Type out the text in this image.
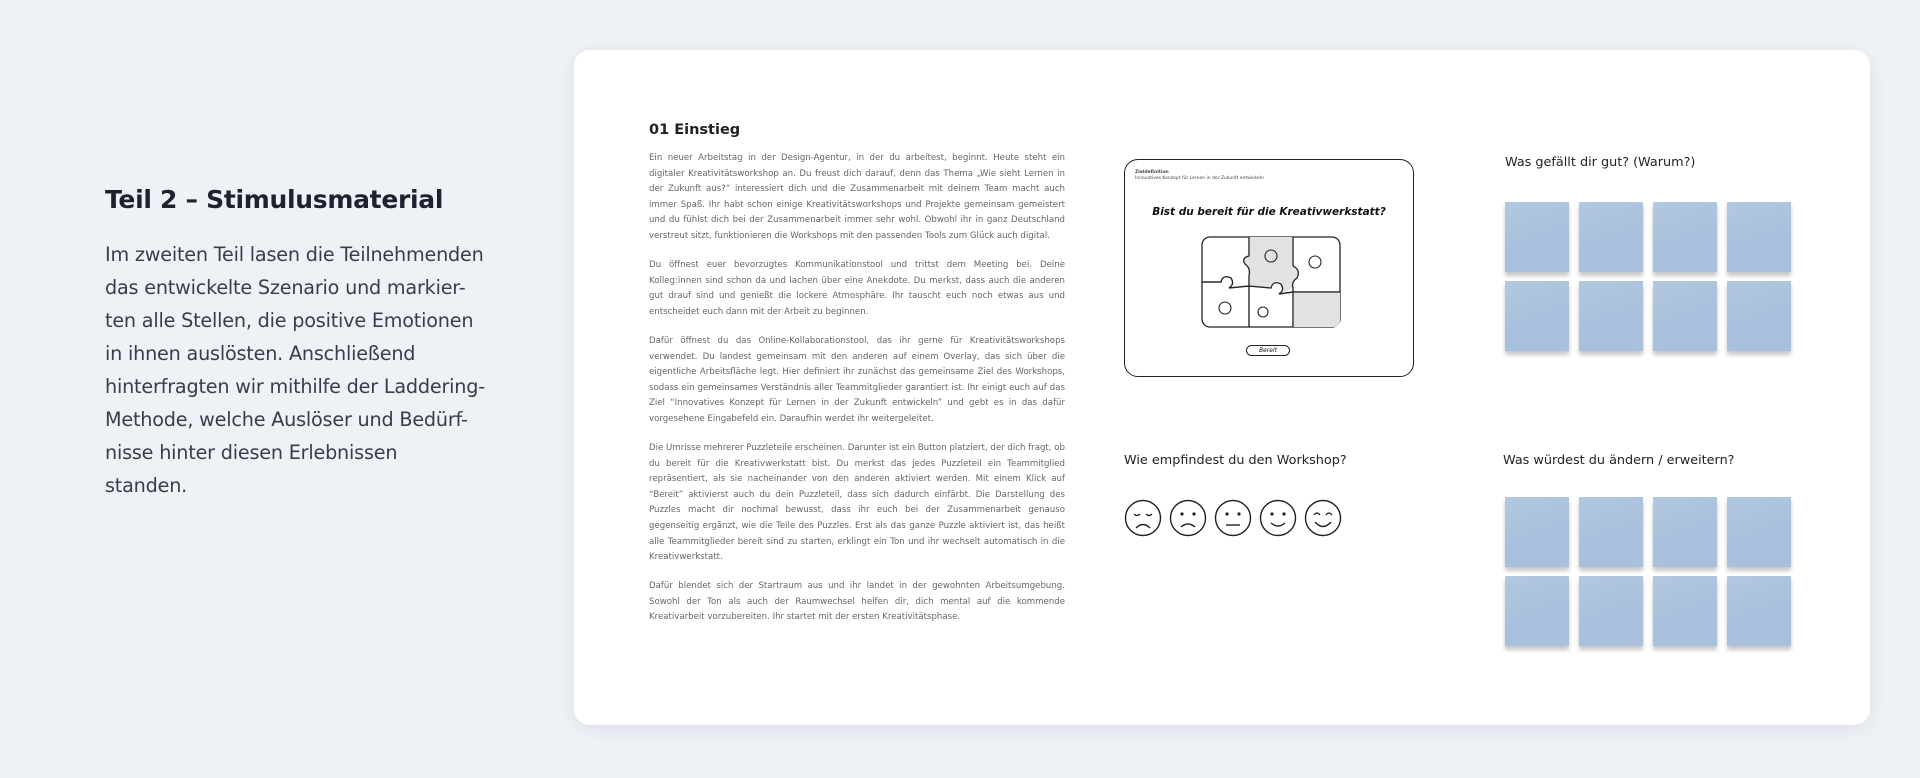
Teil 2 – Stimulusmaterial

Im zweiten Teil lasen die Teilnehmenden das entwickelte Szenario und markier-ten alle Stellen, die positive Emotionen in ihnen auslösten. Anschließend hinterfragten wir mithilfe der Laddering-Methode, welche Auslöser und Bedürf-nisse hinter diesen Erlebnissen standen.

01 Einstieg

Ein neuer Arbeitstag in der Design-Agentur, in der du arbeitest, beginnt. Heute steht ein digitaler Kreativitätsworkshop an. Du freust dich darauf, denn das Thema „Wie sieht Lernen in der Zukunft aus?“ interessiert dich und die Zusammenarbeit mit deinem Team macht auch immer Spaß. Ihr habt schon einige Kreativitätsworkshops und Projekte gemeinsam gemeistert und du fühlst dich bei der Zusammenarbeit immer sehr wohl. Obwohl ihr in ganz Deutschland verstreut sitzt, funktionieren die Workshops mit den passenden Tools zum Glück auch digital.

Du öffnest euer bevorzugtes Kommunikationstool und trittst dem Meeting bei. Deine Kolleg:innen sind schon da und lachen über eine Anekdote. Du merkst, dass auch die anderen gut drauf sind und genießt die lockere Atmosphäre. Ihr tauscht euch noch etwas aus und entscheidet euch dann mit der Arbeit zu beginnen.

Dafür öffnest du das Online-Kollaborationstool, das ihr gerne für Kreativitätsworkshops verwendet. Du landest gemeinsam mit den anderen auf einem Overlay, das sich über die eigentliche Arbeitsfläche legt. Hier definiert ihr zunächst das gemeinsame Ziel des Workshops, sodass ein gemeinsames Verständnis aller Teammitglieder garantiert ist. Ihr einigt euch auf das Ziel “Innovatives Konzept für Lernen in der Zukunft entwickeln” und gebt es in das dafür vorgesehene Eingabefeld ein. Daraufhin werdet ihr weitergeleitet.

Die Umrisse mehrerer Puzzleteile erscheinen. Darunter ist ein Button platziert, der dich fragt, ob du bereit für die Kreativwerkstatt bist. Du merkst das jedes Puzzleteil ein Teammitglied repräsentiert, als sie nacheinander von den anderen aktiviert werden. Mit einem Klick auf “Bereit” aktivierst auch du dein Puzzleteil, dass sich dadurch einfärbt. Die Darstellung des Puzzles macht dir nochmal bewusst, dass ihr euch bei der Zusammenarbeit genauso gegenseitig ergänzt, wie die Teile des Puzzles. Erst als das ganze Puzzle aktiviert ist, das heißt alle Teammitglieder bereit sind zu starten, erklingt ein Ton und ihr wechselt automatisch in die Kreativwerkstatt.

Dafür blendet sich der Startraum aus und ihr landet in der gewohnten Arbeitsumgebung. Sowohl der Ton als auch der Raumwechsel helfen dir, dich mental auf die kommende Kreativarbeit vorzubereiten. Ihr startet mit der ersten Kreativitätsphase.

Zieldefinition
Innovatives Konzept für Lernen in der Zukunft entwickeln
Bist du bereit für die Kreativwerkstatt?
Bereit
Was gefällt dir gut? (Warum?)
Wie empfindest du den Workshop?	Was würdest du ändern / erweitern?
